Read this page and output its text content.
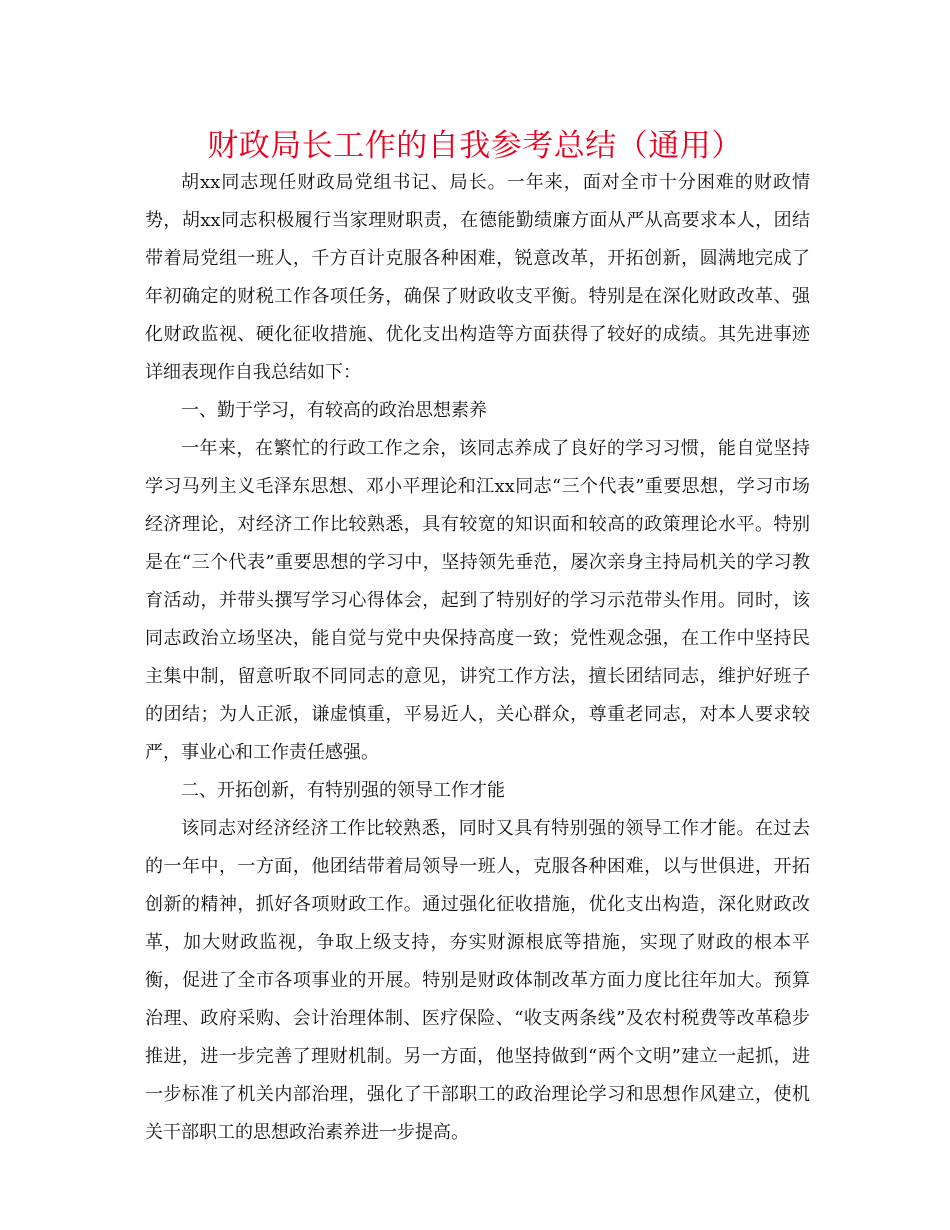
财政局长工作的自我参考总结（通用）

胡xx同志现任财政局党组书记、局长。一年来，面对全市十分困难的财政情势，胡xx同志积极履行当家理财职责，在德能勤绩廉方面从严从高要求本人，团结带着局党组一班人，千方百计克服各种困难，锐意改革，开拓创新，圆满地完成了年初确定的财税工作各项任务，确保了财政收支平衡。特别是在深化财政改革、强化财政监视、硬化征收措施、优化支出构造等方面获得了较好的成绩。其先进事迹详细表现作自我总结如下：

一、勤于学习，有较高的政治思想素养

一年来，在繁忙的行政工作之余，该同志养成了良好的学习习惯，能自觉坚持学习马列主义毛泽东思想、邓小平理论和江xx同志“三个代表”重要思想，学习市场经济理论，对经济工作比较熟悉，具有较宽的知识面和较高的政策理论水平。特别是在“三个代表”重要思想的学习中，坚持领先垂范，屡次亲身主持局机关的学习教育活动，并带头撰写学习心得体会，起到了特别好的学习示范带头作用。同时，该同志政治立场坚决，能自觉与党中央保持高度一致；党性观念强，在工作中坚持民主集中制，留意听取不同同志的意见，讲究工作方法，擅长团结同志，维护好班子的团结；为人正派，谦虚慎重，平易近人，关心群众，尊重老同志，对本人要求较严，事业心和工作责任感强。

二、开拓创新，有特别强的领导工作才能

该同志对经济经济工作比较熟悉，同时又具有特别强的领导工作才能。在过去的一年中，一方面，他团结带着局领导一班人，克服各种困难，以与世俱进，开拓创新的精神，抓好各项财政工作。通过强化征收措施，优化支出构造，深化财政改革，加大财政监视，争取上级支持，夯实财源根底等措施，实现了财政的根本平衡，促进了全市各项事业的开展。特别是财政体制改革方面力度比往年加大。预算治理、政府采购、会计治理体制、医疗保险、“收支两条线”及农村税费等改革稳步推进，进一步完善了理财机制。另一方面，他坚持做到“两个文明”建立一起抓，进一步标准了机关内部治理，强化了干部职工的政治理论学习和思想作风建立，使机关干部职工的思想政治素养进一步提高。
